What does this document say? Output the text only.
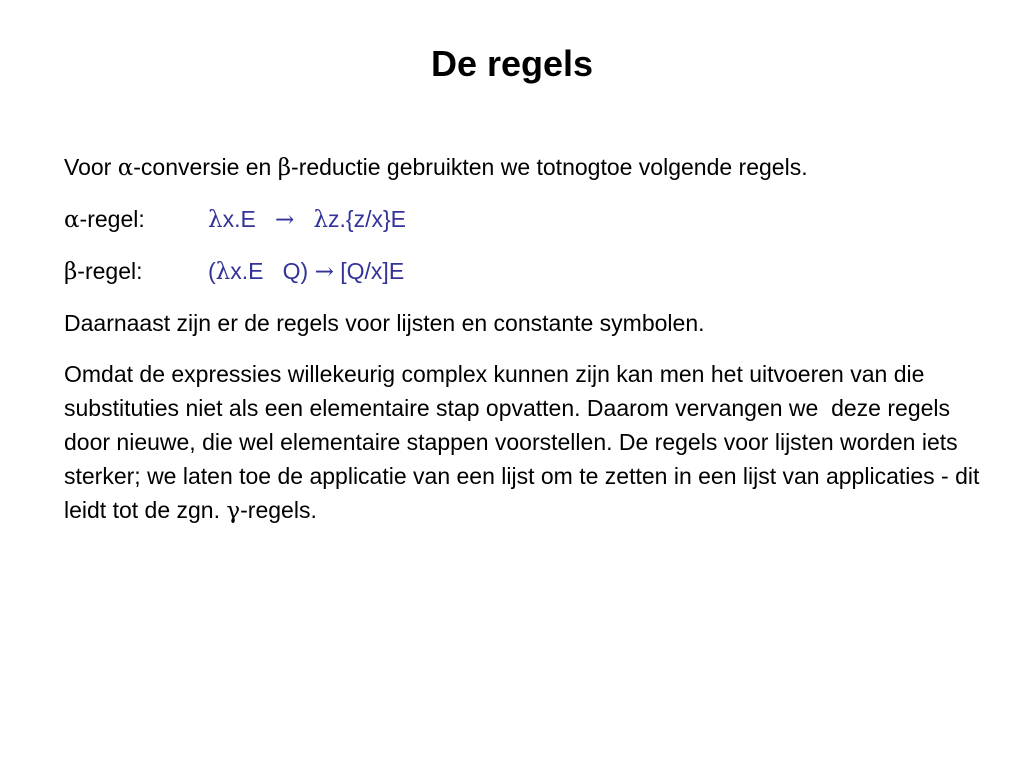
De regels

Voor α-conversie en β-reductie gebruikten we totnogtoe volgende regels.

α-regel:	λx.E → λz.{z/x}E
β-regel:	(λx.E   Q) → [Q/x]E

Daarnaast zijn er de regels voor lijsten en constante symbolen.

Omdat de expressies willekeurig complex kunnen zijn kan men het uitvoeren van die substituties niet als een elementaire stap opvatten. Daarom vervangen we  deze regels door nieuwe, die wel elementaire stappen voorstellen. De regels voor lijsten worden iets sterker; we laten toe de applicatie van een lijst om te zetten in een lijst van applicaties - dit leidt tot de zgn. γ-regels.
